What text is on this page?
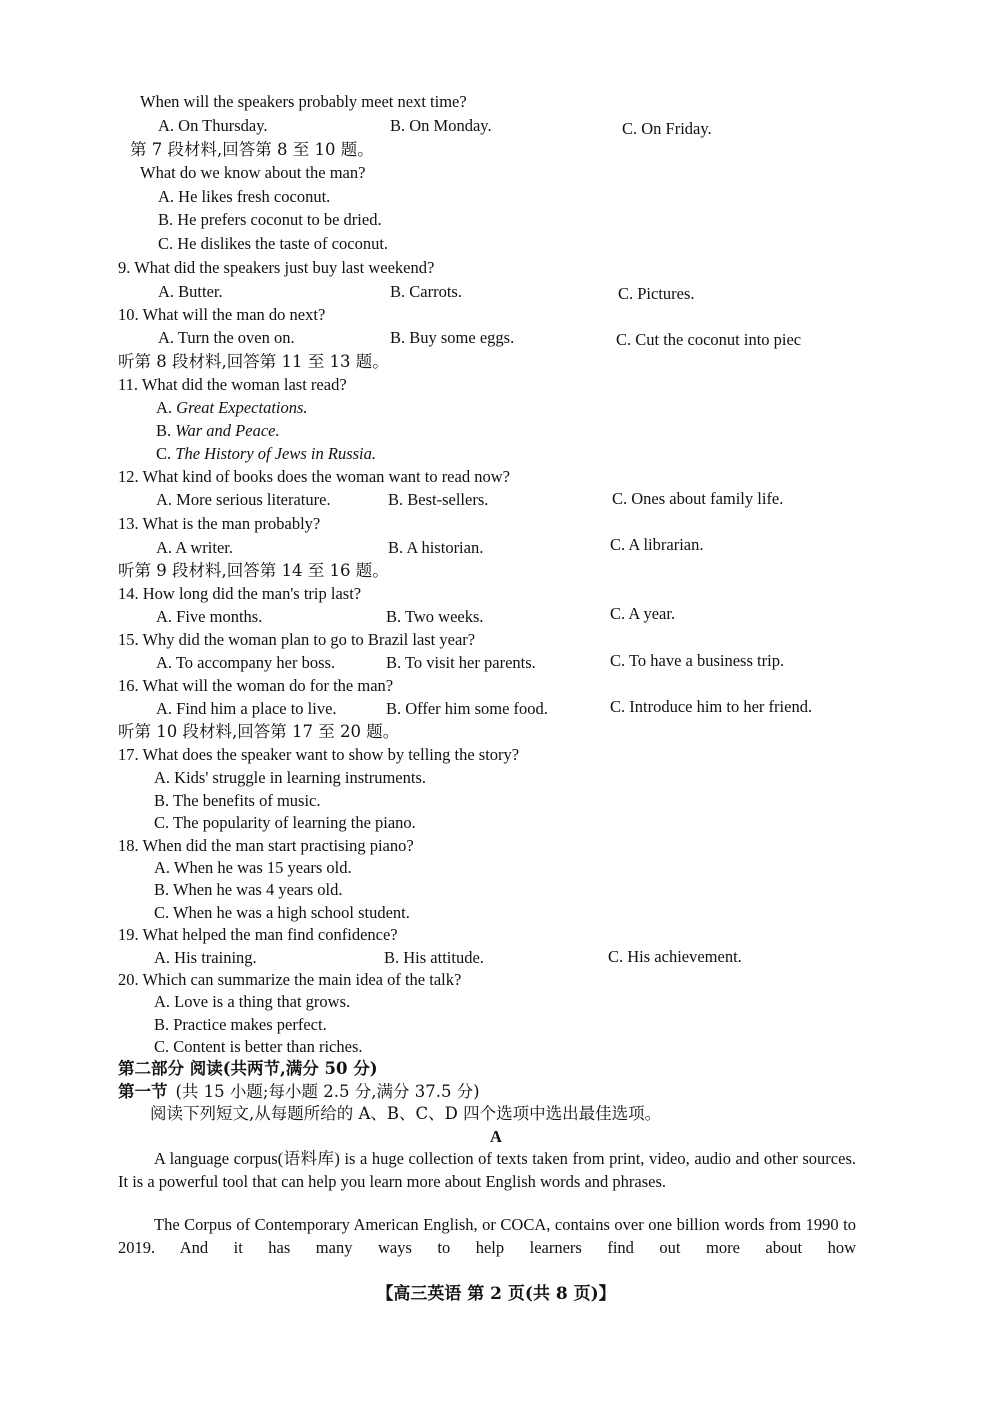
When will the speakers probably meet next time?
A. On Thursday.	B. On Monday.	C. On Friday.
第 7 段材料,回答第 8 至 10 题。
What do we know about the man?
A. He likes fresh coconut.
B. He prefers coconut to be dried.
C. He dislikes the taste of coconut.
9. What did the speakers just buy last weekend?
A. Butter.	B. Carrots.	C. Pictures.
10. What will the man do next?
A. Turn the oven on.	B. Buy some eggs.	C. Cut the coconut into piec
听第 8 段材料,回答第 11 至 13 题。
11. What did the woman last read?
A. Great Expectations.
B. War and Peace.
C. The History of Jews in Russia.
12. What kind of books does the woman want to read now?
A. More serious literature.	B. Best-sellers.	C. Ones about family life.
13. What is the man probably?
A. A writer.	B. A historian.	C. A librarian.
听第 9 段材料,回答第 14 至 16 题。
14. How long did the man's trip last?
A. Five months.	B. Two weeks.	C. A year.
15. Why did the woman plan to go to Brazil last year?
A. To accompany her boss.	B. To visit her parents.	C. To have a business trip.
16. What will the woman do for the man?
A. Find him a place to live.	B. Offer him some food.	C. Introduce him to her friend.
听第 10 段材料,回答第 17 至 20 题。
17. What does the speaker want to show by telling the story?
A. Kids' struggle in learning instruments.
B. The benefits of music.
C. The popularity of learning the piano.
18. When did the man start practising piano?
A. When he was 15 years old.
B. When he was 4 years old.
C. When he was a high school student.
19. What helped the man find confidence?
A. His training.	B. His attitude.	C. His achievement.
20. Which can summarize the main idea of the talk?
A. Love is a thing that grows.
B. Practice makes perfect.
C. Content is better than riches.
第二部分 阅读(共两节,满分 50 分)
第一节 (共 15 小题;每小题 2.5 分,满分 37.5 分)
阅读下列短文,从每题所给的 A、B、C、D 四个选项中选出最佳选项。
A
A language corpus(语料库) is a huge collection of texts taken from print, video, audio and other sources. It is a powerful tool that can help you learn more about English words and phrases.
The Corpus of Contemporary American English, or COCA, contains over one billion words from 1990 to 2019. And it has many ways to help learners find out more about how
【高三英语 第 2 页(共 8 页)】
